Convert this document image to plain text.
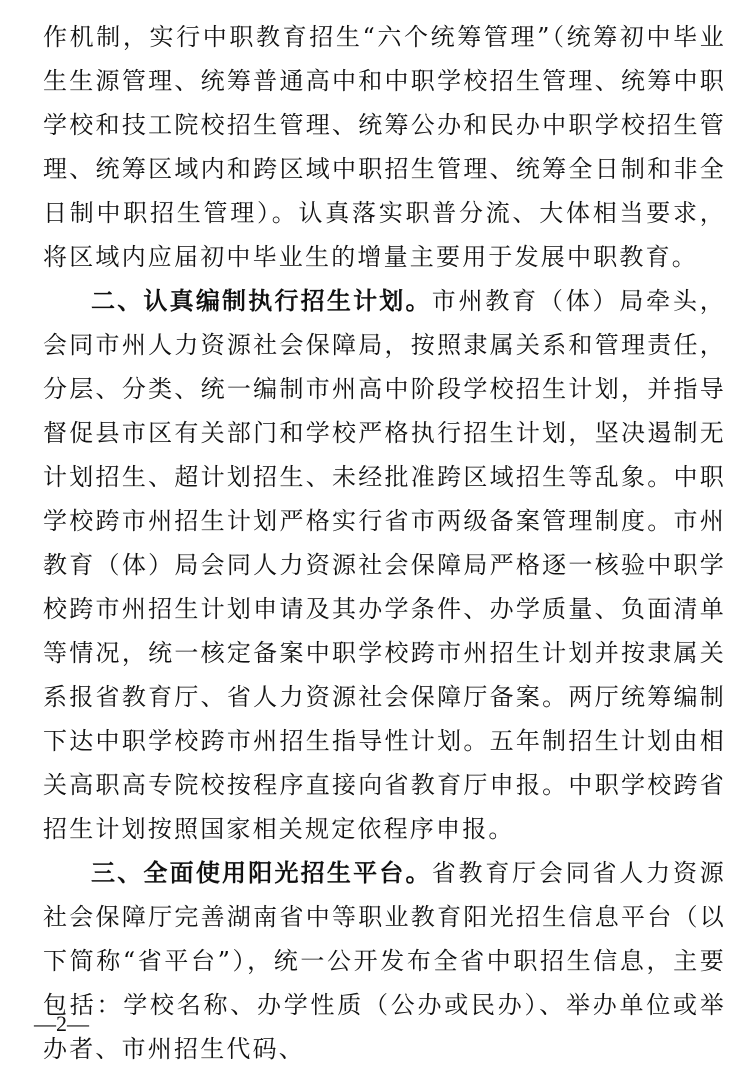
作机制，实行中职教育招生“六个统筹管理”（统筹初中毕业生生源管理、统筹普通高中和中职学校招生管理、统筹中职学校和技工院校招生管理、统筹公办和民办中职学校招生管理、统筹区域内和跨区域中职招生管理、统筹全日制和非全日制中职招生管理）。认真落实职普分流、大体相当要求，将区域内应届初中毕业生的增量主要用于发展中职教育。

二、认真编制执行招生计划。市州教育（体）局牵头，会同市州人力资源社会保障局，按照隶属关系和管理责任，分层、分类、统一编制市州高中阶段学校招生计划，并指导督促县市区有关部门和学校严格执行招生计划，坚决遏制无计划招生、超计划招生、未经批准跨区域招生等乱象。中职学校跨市州招生计划严格实行省市两级备案管理制度。市州教育（体）局会同人力资源社会保障局严格逐一核验中职学校跨市州招生计划申请及其办学条件、办学质量、负面清单等情况，统一核定备案中职学校跨市州招生计划并按隶属关系报省教育厅、省人力资源社会保障厅备案。两厅统筹编制下达中职学校跨市州招生指导性计划。五年制招生计划由相关高职高专院校按程序直接向省教育厅申报。中职学校跨省招生计划按照国家相关规定依程序申报。

三、全面使用阳光招生平台。省教育厅会同省人力资源社会保障厅完善湖南省中等职业教育阳光招生信息平台（以下简称“省平台”），统一公开发布全省中职招生信息，主要包括：学校名称、办学性质（公办或民办）、举办单位或举办者、市州招生代码、

—2—
